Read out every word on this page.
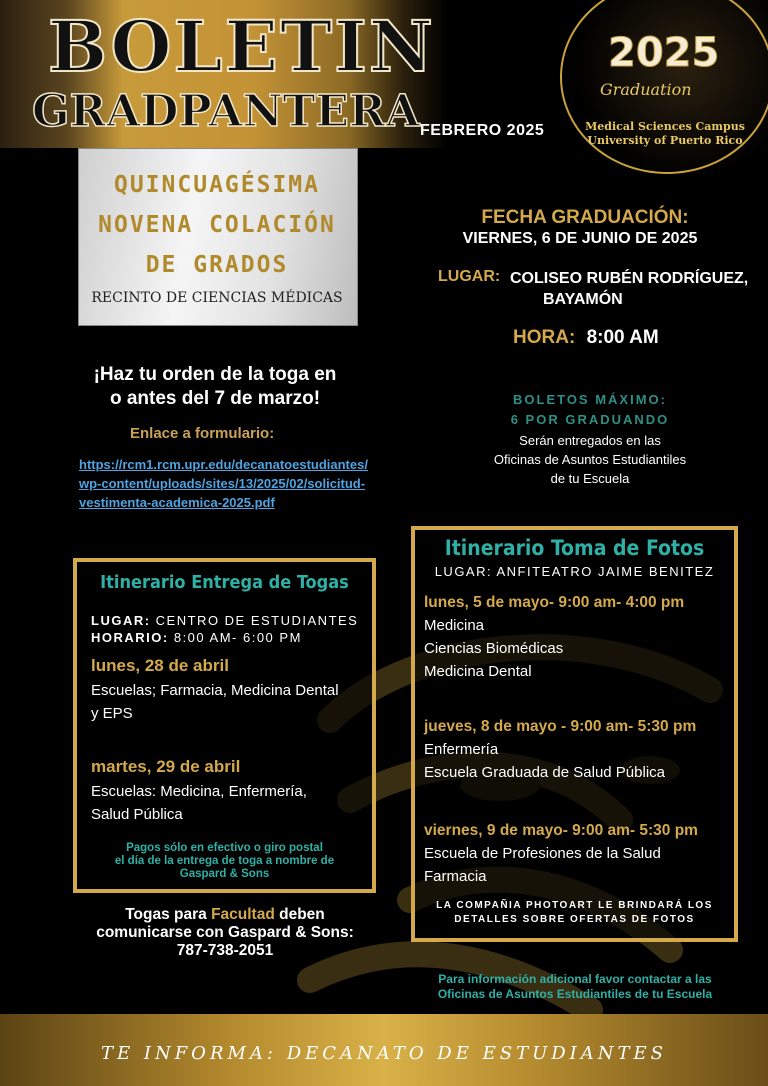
BOLETIN
GRADPANTERA FEBRERO 2025
2025
Graduation
Medical Sciences Campus
University of Puerto Rico
QUINCUAGÉSIMA
NOVENA COLACIÓN
DE GRADOS
RECINTO DE CIENCIAS MÉDICAS
FECHA GRADUACIÓN:
VIERNES, 6 DE JUNIO DE 2025
LUGAR: COLISEO RUBÉN RODRÍGUEZ,
BAYAMÓN
HORA: 8:00 AM
BOLETOS MÁXIMO:
6 POR GRADUANDO
Serán entregados en las
Oficinas de Asuntos Estudiantiles
de tu Escuela
¡Haz tu orden de la toga en
o antes del 7 de marzo!
Enlace a formulario:
https://rcm1.rcm.upr.edu/decanatoestudiantes/wp-content/uploads/sites/13/2025/02/solicitud-vestimenta-academica-2025.pdf
Itinerario Entrega de Togas
LUGAR: CENTRO DE ESTUDIANTES
HORARIO: 8:00 AM- 6:00 PM
lunes, 28 de abril
Escuelas; Farmacia, Medicina Dental
y EPS
martes, 29 de abril
Escuelas: Medicina, Enfermería,
Salud Pública
Pagos sólo en efectivo o giro postal
el día de la entrega de toga a nombre de
Gaspard & Sons
Togas para Facultad deben
comunicarse con Gaspard & Sons:
787-738-2051
Itinerario Toma de Fotos
LUGAR: ANFITEATRO JAIME BENITEZ
lunes, 5 de mayo- 9:00 am- 4:00 pm
Medicina
Ciencias Biomédicas
Medicina Dental
jueves, 8 de mayo - 9:00 am- 5:30 pm
Enfermería
Escuela Graduada de Salud Pública
viernes, 9 de mayo- 9:00 am- 5:30 pm
Escuela de Profesiones de la Salud
Farmacia
LA COMPAÑIA PHOTOART LE BRINDARÁ LOS
DETALLES SOBRE OFERTAS DE FOTOS
Para información adicional favor contactar a las
Oficinas de Asuntos Estudiantiles de tu Escuela
TE INFORMA: DECANATO DE ESTUDIANTES
